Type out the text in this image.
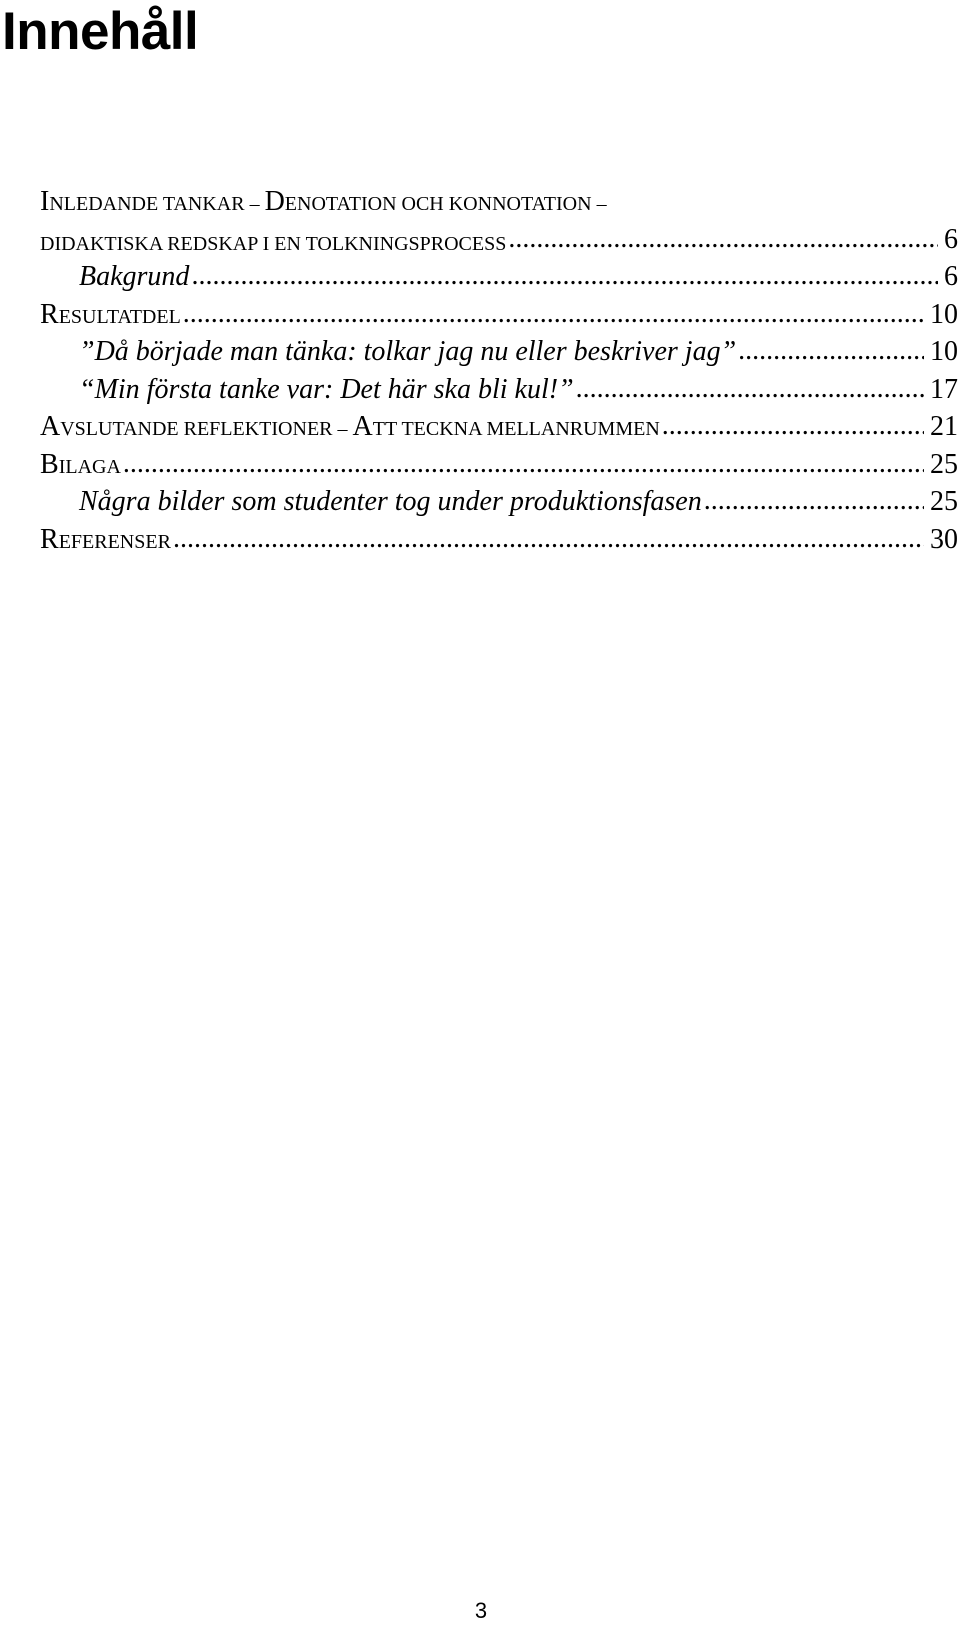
Innehåll
INLEDANDE TANKAR – DENOTATION OCH KONNOTATION –
DIDAKTISKA REDSKAP I EN TOLKNINGSPROCESS .....	6
Bakgrund .....	6
RESULTATDEL .....	10
”Då började man tänka: tolkar jag nu eller beskriver jag” .....	10
“Min första tanke var: Det här ska bli kul!” .....	17
AVSLUTANDE REFLEKTIONER – ATT TECKNA MELLANRUMMEN .....	21
BILAGA .....	25
Några bilder som studenter tog under produktionsfasen .....	25
REFERENSER .....	30
3
